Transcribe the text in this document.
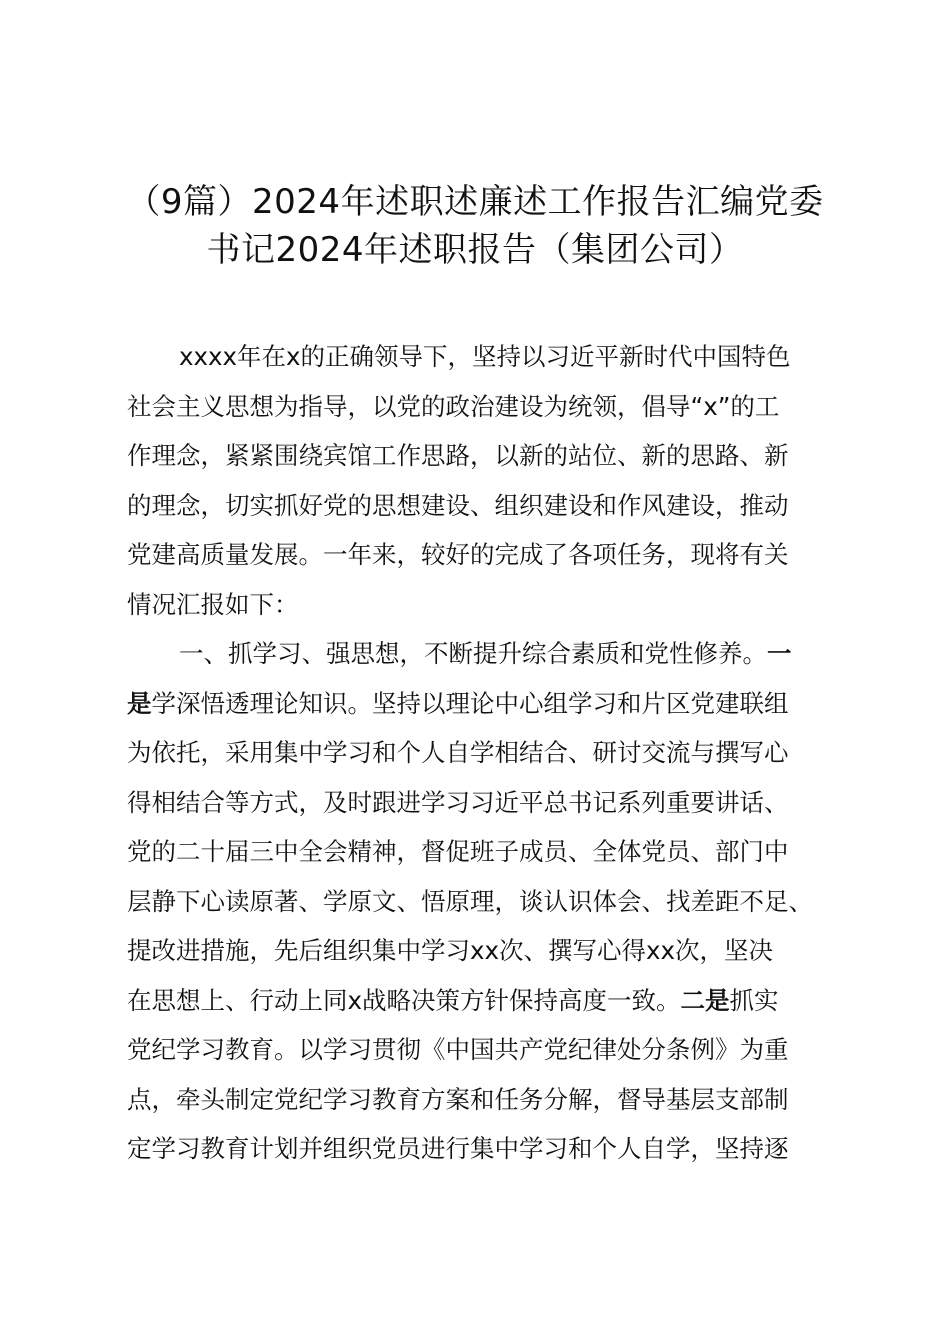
（9篇）2024年述职述廉述工作报告汇编党委
书记2024年述职报告（集团公司）
xxxx年在x的正确领导下，坚持以习近平新时代中国特色
社会主义思想为指导，以党的政治建设为统领，倡导“x”的工
作理念，紧紧围绕宾馆工作思路，以新的站位、新的思路、新
的理念，切实抓好党的思想建设、组织建设和作风建设，推动
党建高质量发展。一年来，较好的完成了各项任务，现将有关
情况汇报如下：
一、抓学习、强思想，不断提升综合素质和党性修养。一
是学深悟透理论知识。坚持以理论中心组学习和片区党建联组
为依托，采用集中学习和个人自学相结合、研讨交流与撰写心
得相结合等方式，及时跟进学习习近平总书记系列重要讲话、
党的二十届三中全会精神，督促班子成员、全体党员、部门中
层静下心读原著、学原文、悟原理，谈认识体会、找差距不足、
提改进措施，先后组织集中学习xx次、撰写心得xx次，坚决
在思想上、行动上同x战略决策方针保持高度一致。二是抓实
党纪学习教育。以学习贯彻《中国共产党纪律处分条例》为重
点，牵头制定党纪学习教育方案和任务分解，督导基层支部制
定学习教育计划并组织党员进行集中学习和个人自学，坚持逐
